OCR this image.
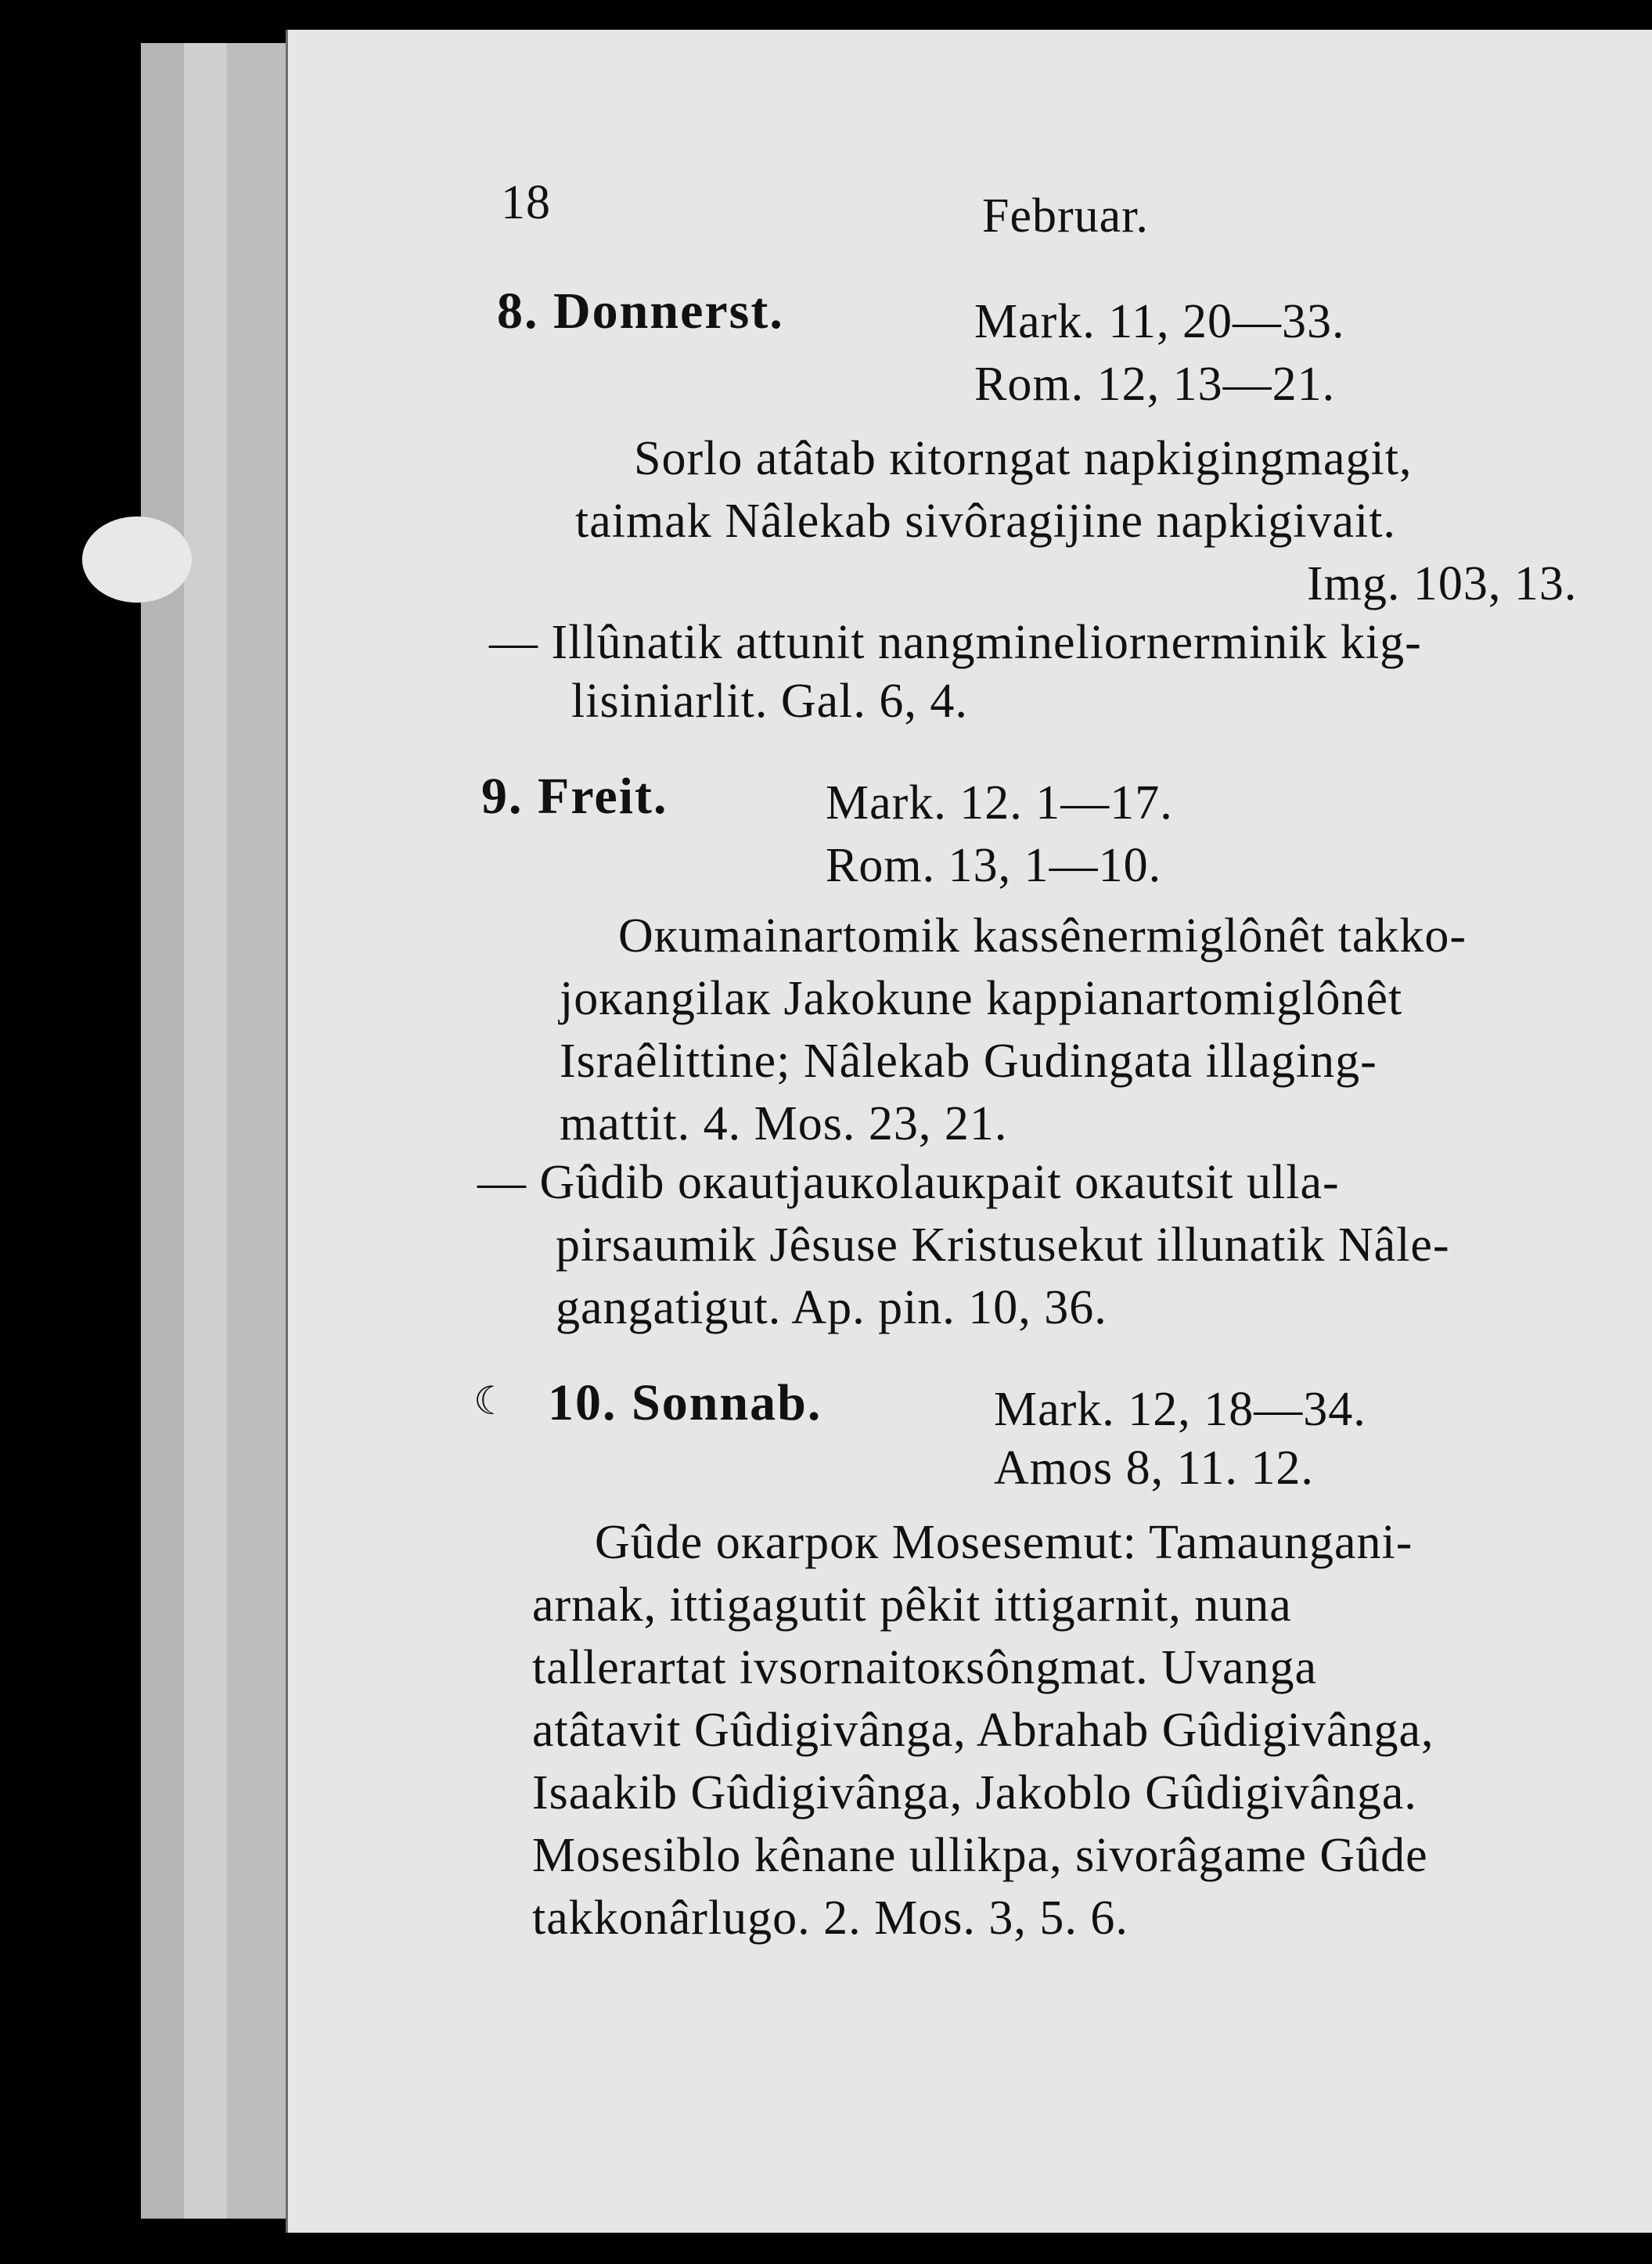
18	Februar.
8. Donnerst.	Mark. 11, 20—33.
Rom. 12, 13—21.
Sorlo atâtab кitorngat napkigingmagit,
taimak Nâlekab sivôragijine napkigivait.
Img. 103, 13.
— Illûnatik attunit nangmineliornerminik kig-
lisiniarlit. Gal. 6, 4.
9. Freit.	Mark. 12. 1—17.
Rom. 13, 1—10.
Oкumainartomik kassênermiglônêt takko-
joкangilaк Jakokune kappianartomiglônêt
Israêlittine; Nâlekab Gudingata illaging-
mattit. 4. Mos. 23, 21.
— Gûdib oкautjauкolauкpait oкautsit ulla-
pirsaumik Jêsuse Kristusekut illunatik Nâle-
gangatigut. Ap. pin. 10, 36.
☾ 10. Sonnab.	Mark. 12, 18—34.
Amos 8, 11. 12.
Gûde oкarpoк Mosesemut: Tamaungani-
arnak, ittigagutit pêkit ittigarnit, nuna
tallerartat ivsornaitoкsôngmat. Uvanga
atâtavit Gûdigivânga, Abrahab Gûdigivânga,
Isaakib Gûdigivânga, Jakoblo Gûdigivânga.
Mosesiblo kênane ullikpa, sivorâgame Gûde
takkonârlugo. 2. Mos. 3, 5. 6.
